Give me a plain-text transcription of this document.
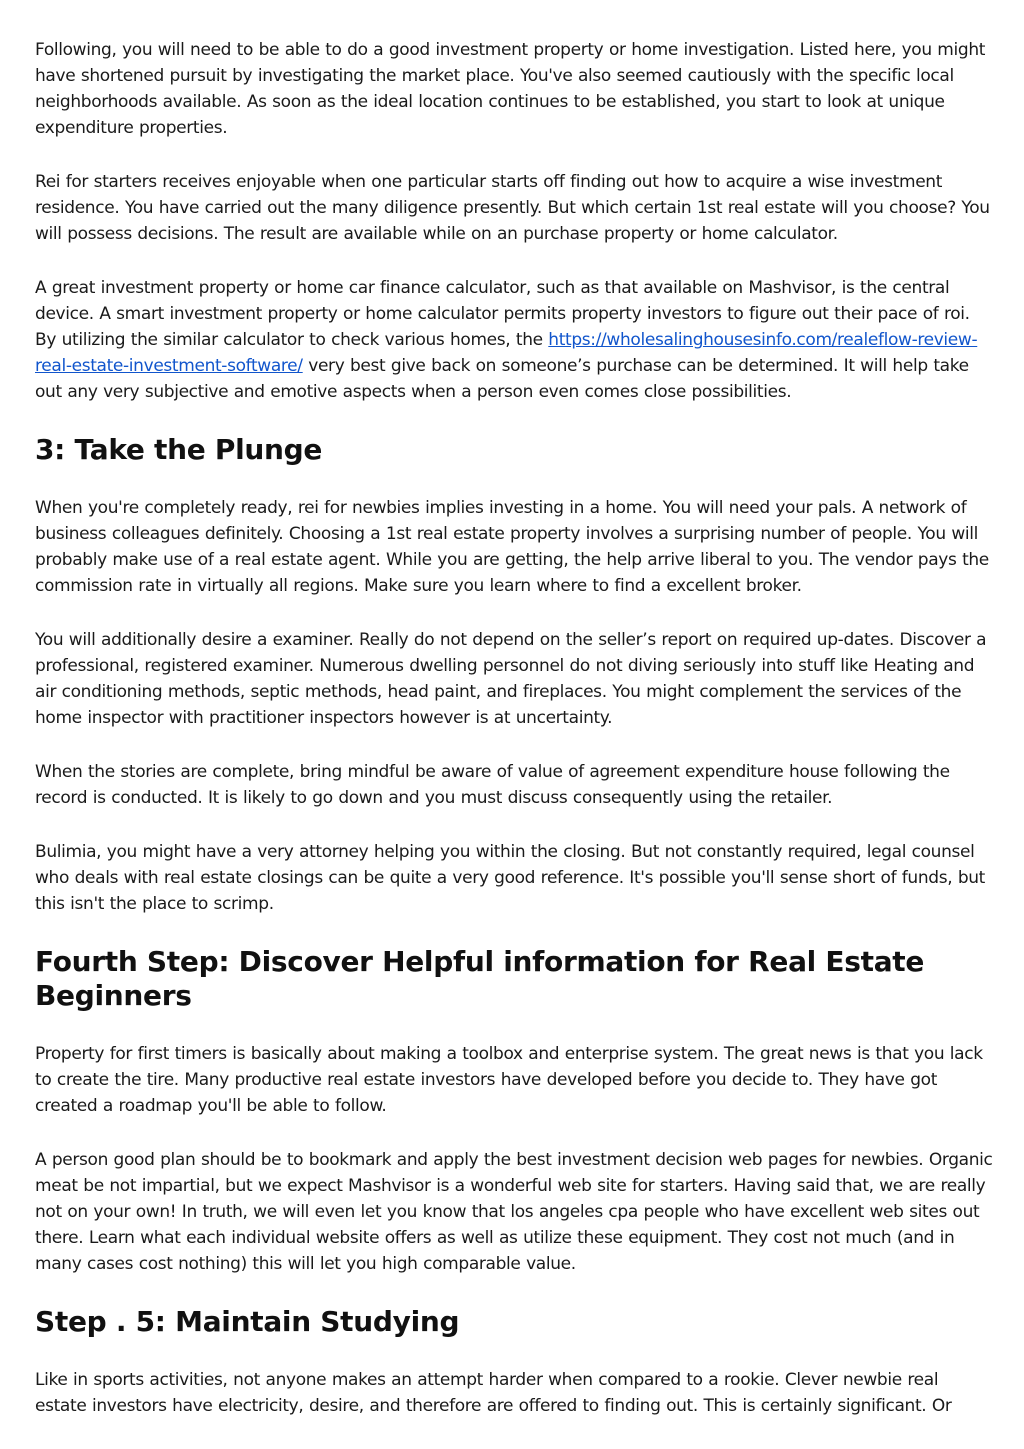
Following, you will need to be able to do a good investment property or home investigation. Listed here, you might have shortened pursuit by investigating the market place. You've also seemed cautiously with the specific local neighborhoods available. As soon as the ideal location continues to be established, you start to look at unique expenditure properties.

Rei for starters receives enjoyable when one particular starts off finding out how to acquire a wise investment residence. You have carried out the many diligence presently. But which certain 1st real estate will you choose? You will possess decisions. The result are available while on an purchase property or home calculator.

A great investment property or home car finance calculator, such as that available on Mashvisor, is the central device. A smart investment property or home calculator permits property investors to figure out their pace of roi. By utilizing the similar calculator to check various homes, the https://wholesalinghousesinfo.com/realeflow-review-real-estate-investment-software/ very best give back on someone’s purchase can be determined. It will help take out any very subjective and emotive aspects when a person even comes close possibilities.

3: Take the Plunge

When you're completely ready, rei for newbies implies investing in a home. You will need your pals. A network of business colleagues definitely. Choosing a 1st real estate property involves a surprising number of people. You will probably make use of a real estate agent. While you are getting, the help arrive liberal to you. The vendor pays the commission rate in virtually all regions. Make sure you learn where to find a excellent broker.

You will additionally desire a examiner. Really do not depend on the seller’s report on required up-dates. Discover a professional, registered examiner. Numerous dwelling personnel do not diving seriously into stuff like Heating and air conditioning methods, septic methods, head paint, and fireplaces. You might complement the services of the home inspector with practitioner inspectors however is at uncertainty.

When the stories are complete, bring mindful be aware of value of agreement expenditure house following the record is conducted. It is likely to go down and you must discuss consequently using the retailer.

Bulimia, you might have a very attorney helping you within the closing. But not constantly required, legal counsel who deals with real estate closings can be quite a very good reference. It's possible you'll sense short of funds, but this isn't the place to scrimp.

Fourth Step: Discover Helpful information for Real Estate Beginners

Property for first timers is basically about making a toolbox and enterprise system. The great news is that you lack to create the tire. Many productive real estate investors have developed before you decide to. They have got created a roadmap you'll be able to follow.

A person good plan should be to bookmark and apply the best investment decision web pages for newbies. Organic meat be not impartial, but we expect Mashvisor is a wonderful web site for starters. Having said that, we are really not on your own! In truth, we will even let you know that los angeles cpa people who have excellent web sites out there. Learn what each individual website offers as well as utilize these equipment. They cost not much (and in many cases cost nothing) this will let you high comparable value.

Step . 5: Maintain Studying

Like in sports activities, not anyone makes an attempt harder when compared to a rookie. Clever newbie real estate investors have electricity, desire, and therefore are offered to finding out. This is certainly significant. Or
